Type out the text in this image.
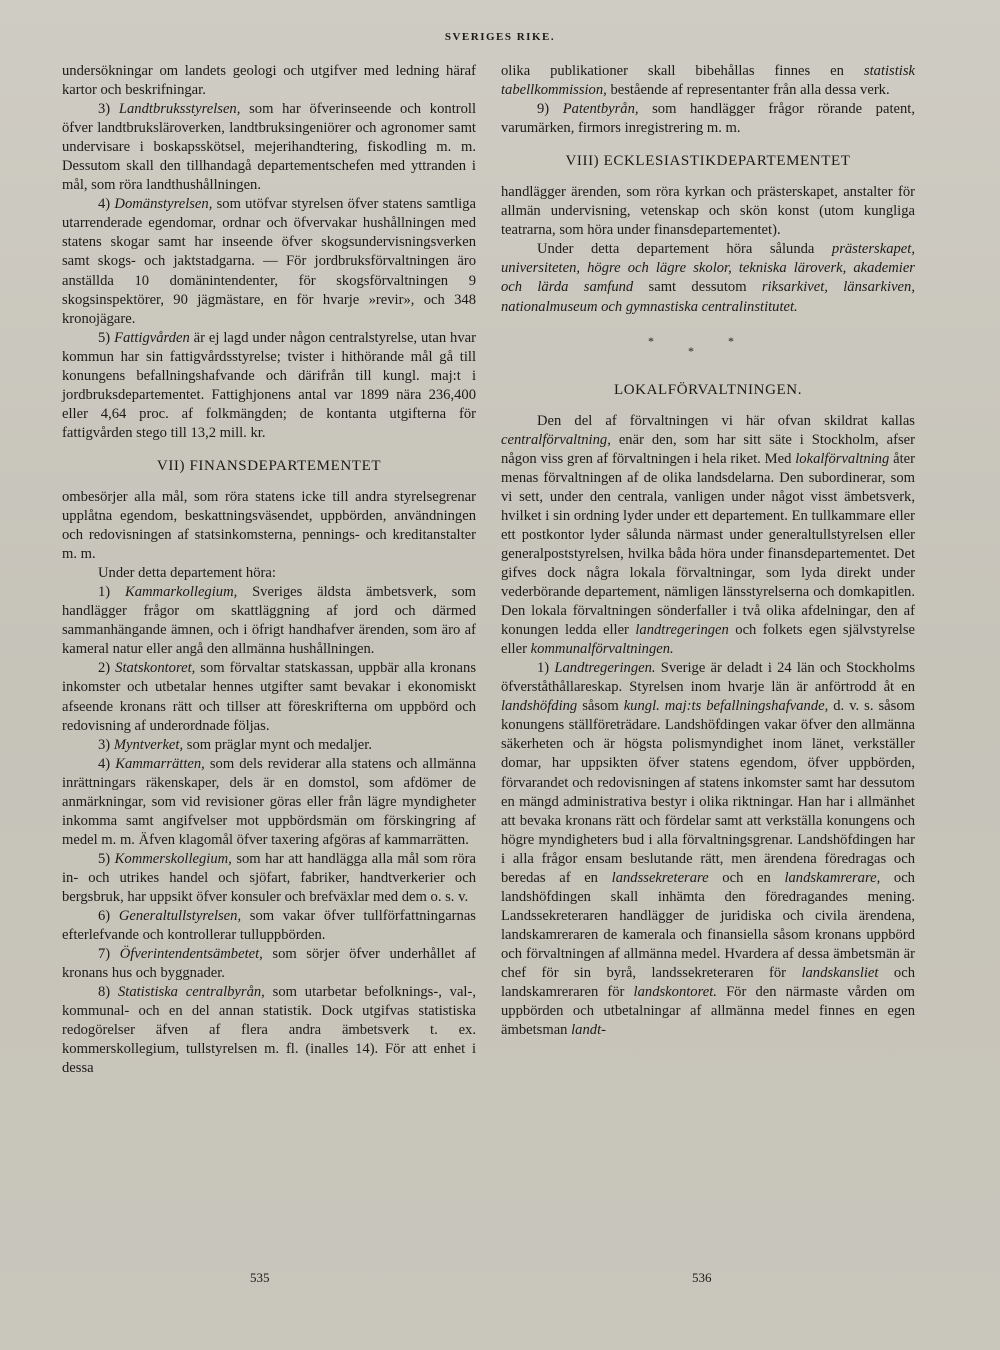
SVERIGES RIKE.

undersökningar om landets geologi och utgifver med ledning häraf kartor och beskrifningar.

3) Landtbruksstyrelsen, som har öfverinseende och kontroll öfver landtbruksläroverken, landtbruksingeniörer och agronomer samt undervisare i boskapsskötsel, mejerihandtering, fiskodling m. m. Dessutom skall den tillhandagå departementschefen med yttranden i mål, som röra landthushållningen.

4) Domänstyrelsen, som utöfvar styrelsen öfver statens samtliga utarrenderade egendomar, ordnar och öfvervakar hushållningen med statens skogar samt har inseende öfver skogsundervisningsverken samt skogs- och jaktstadgarna. — För jordbruksförvaltningen äro anställda 10 domänintendenter, för skogsförvaltningen 9 skogsinspektörer, 90 jägmästare, en för hvarje »revir», och 348 kronojägare.

5) Fattigvården är ej lagd under någon centralstyrelse, utan hvar kommun har sin fattigvårdsstyrelse; tvister i hithörande mål gå till konungens befallningshafvande och därifrån till kungl. maj:t i jordbruksdepartementet. Fattighjonens antal var 1899 nära 236,400 eller 4,64 proc. af folkmängden; de kontanta utgifterna för fattigvården stego till 13,2 mill. kr.

VII) FINANSDEPARTEMENTET

ombesörjer alla mål, som röra statens icke till andra styrelsegrenar upplåtna egendom, beskattningsväsendet, uppbörden, användningen och redovisningen af statsinkomsterna, pennings- och kreditanstalter m. m.

Under detta departement höra:

1) Kammarkollegium, Sveriges äldsta ämbetsverk, som handlägger frågor om skattläggning af jord och därmed sammanhängande ämnen, och i öfrigt handhafver ärenden, som äro af kameral natur eller angå den allmänna hushållningen.

2) Statskontoret, som förvaltar statskassan, uppbär alla kronans inkomster och utbetalar hennes utgifter samt bevakar i ekonomiskt afseende kronans rätt och tillser att föreskrifterna om uppbörd och redovisning af underordnade följas.

3) Myntverket, som präglar mynt och medaljer.

4) Kammarrätten, som dels reviderar alla statens och allmänna inrättningars räkenskaper, dels är en domstol, som afdömer de anmärkningar, som vid revisioner göras eller från lägre myndigheter inkomma samt angifvelser mot uppbördsmän om förskingring af medel m. m. Äfven klagomål öfver taxering afgöras af kammarrätten.

5) Kommerskollegium, som har att handlägga alla mål som röra in- och utrikes handel och sjöfart, fabriker, handtverkerier och bergsbruk, har uppsikt öfver konsuler och brefväxlar med dem o. s. v.

6) Generaltullstyrelsen, som vakar öfver tullförfattningarnas efterlefvande och kontrollerar tulluppbörden.

7) Öfverintendentsämbetet, som sörjer öfver underhållet af kronans hus och byggnader.

8) Statistiska centralbyrån, som utarbetar befolknings-, val-, kommunal- och en del annan statistik. Dock utgifvas statistiska redogörelser äfven af flera andra ämbetsverk t. ex. kommerskollegium, tullstyrelsen m. fl. (inalles 14). För att enhet i dessa

olika publikationer skall bibehållas finnes en statistisk tabellkommission, bestående af representanter från alla dessa verk.

9) Patentbyrån, som handlägger frågor rörande patent, varumärken, firmors inregistrering m. m.

VIII) ECKLESIASTIKDEPARTEMENTET

handlägger ärenden, som röra kyrkan och prästerskapet, anstalter för allmän undervisning, vetenskap och skön konst (utom kungliga teatrarna, som höra under finansdepartementet).

Under detta departement höra sålunda prästerskapet, universiteten, högre och lägre skolor, tekniska läroverk, akademier och lärda samfund samt dessutom riksarkivet, länsarkiven, nationalmuseum och gymnastiska centralinstitutet.

***
LOKALFÖRVALTNINGEN.

Den del af förvaltningen vi här ofvan skildrat kallas centralförvaltning, enär den, som har sitt säte i Stockholm, afser någon viss gren af förvaltningen i hela riket. Med lokalförvaltning åter menas förvaltningen af de olika landsdelarna. Den subordinerar, som vi sett, under den centrala, vanligen under något visst ämbetsverk, hvilket i sin ordning lyder under ett departement. En tullkammare eller ett postkontor lyder sålunda närmast under generaltullstyrelsen eller generalpoststyrelsen, hvilka båda höra under finansdepartementet. Det gifves dock några lokala förvaltningar, som lyda direkt under vederbörande departement, nämligen länsstyrelserna och domkapitlen. Den lokala förvaltningen sönderfaller i två olika afdelningar, den af konungen ledda eller landtregeringen och folkets egen självstyrelse eller kommunalförvaltningen.

1) Landtregeringen. Sverige är deladt i 24 län och Stockholms öfverståthållareskap. Styrelsen inom hvarje län är anförtrodd åt en landshöfding såsom kungl. maj:ts befallningshafvande, d. v. s. såsom konungens ställföreträdare. Landshöfdingen vakar öfver den allmänna säkerheten och är högsta polismyndighet inom länet, verkställer domar, har uppsikten öfver statens egendom, öfver uppbörden, förvarandet och redovisningen af statens inkomster samt har dessutom en mängd administrativa bestyr i olika riktningar. Han har i allmänhet att bevaka kronans rätt och fördelar samt att verkställa konungens och högre myndigheters bud i alla förvaltningsgrenar. Landshöfdingen har i alla frågor ensam beslutande rätt, men ärendena föredragas och beredas af en landssekreterare och en landskamrerare, och landshöfdingen skall inhämta den föredragandes mening. Landssekreteraren handlägger de juridiska och civila ärendena, landskamreraren de kamerala och finansiella såsom kronans uppbörd och förvaltningen af allmänna medel. Hvardera af dessa ämbetsmän är chef för sin byrå, landssekreteraren för landskansliet och landskamreraren för landskontoret. För den närmaste vården om uppbörden och utbetalningar af allmänna medel finnes en egen ämbetsman landt-

535	536
